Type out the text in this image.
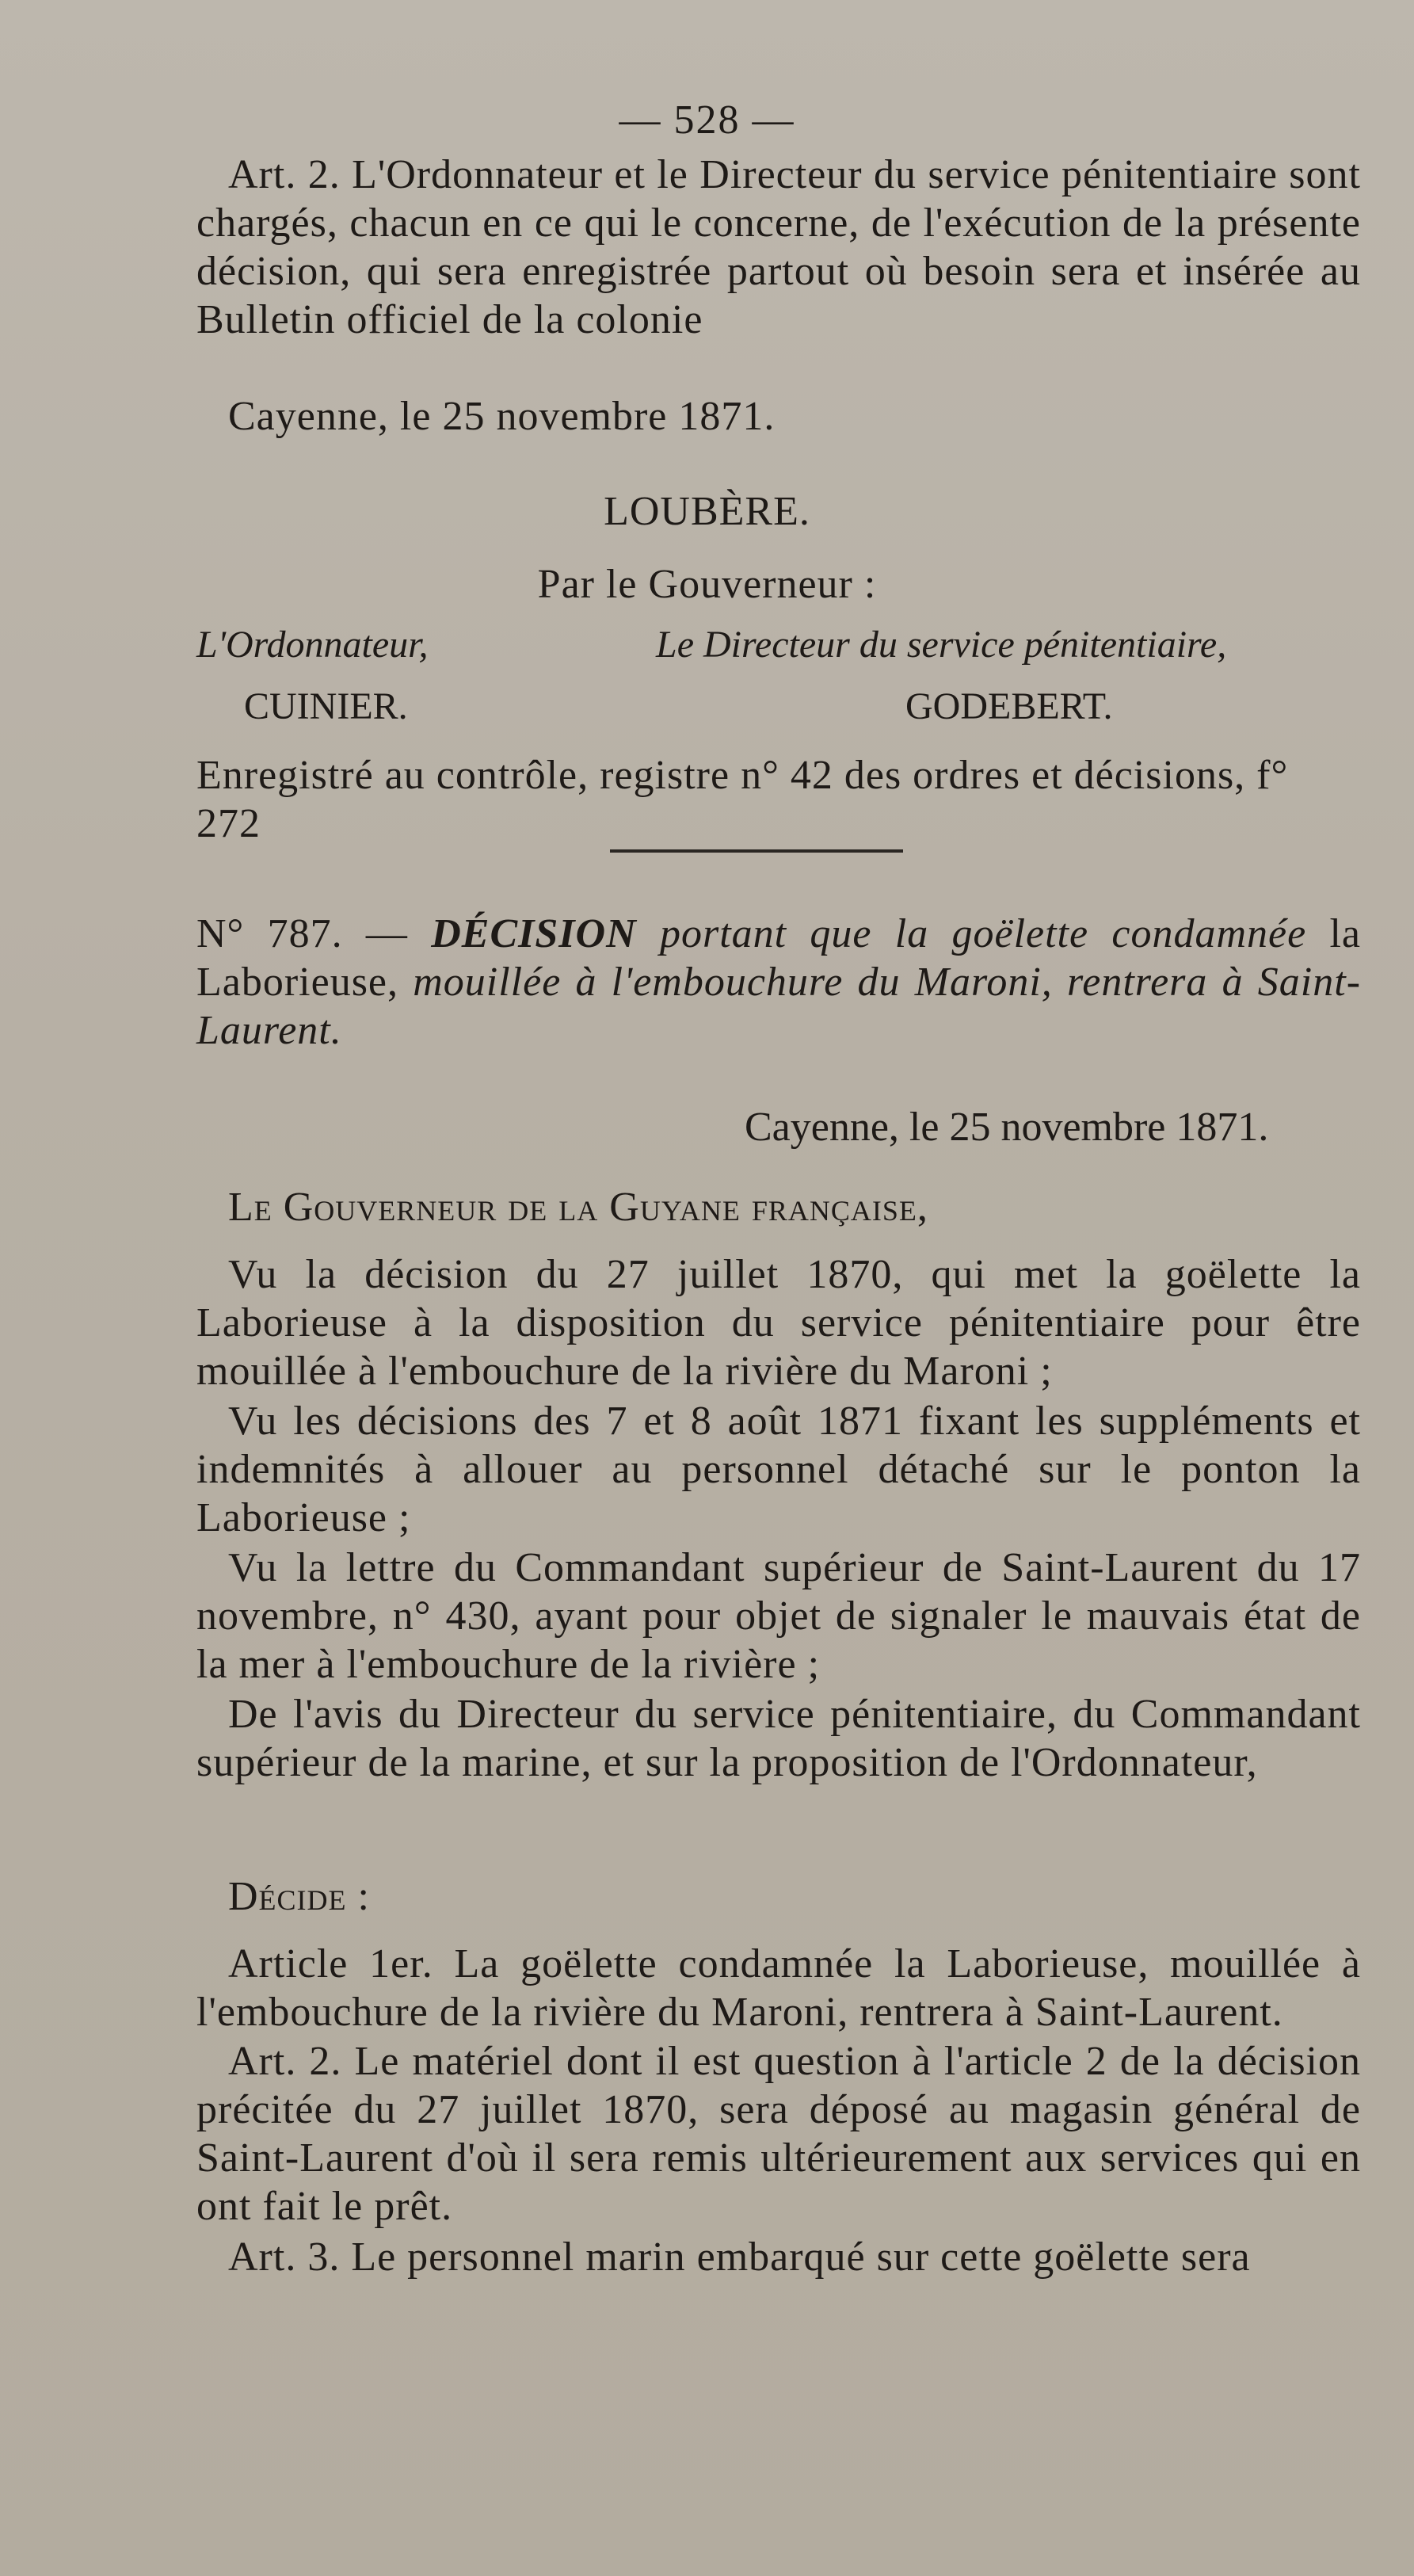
— 528 —
Art. 2. L'Ordonnateur et le Directeur du service pénitentiaire sont chargés, chacun en ce qui le concerne, de l'exécution de la présente décision, qui sera enregistrée partout où besoin sera et insérée au Bulletin officiel de la colonie
Cayenne, le 25 novembre 1871.
LOUBÈRE.
Par le Gouverneur :
L'Ordonnateur,	Le Directeur du service pénitentiaire,
CUINIER.	GODEBERT.
Enregistré au contrôle, registre n° 42 des ordres et décisions, f° 272
N° 787. — DÉCISION portant que la goëlette condamnée la Laborieuse, mouillée à l'embouchure du Maroni, rentrera à Saint-Laurent.
Cayenne, le 25 novembre 1871.
Le Gouverneur de la Guyane française,
Vu la décision du 27 juillet 1870, qui met la goëlette la Laborieuse à la disposition du service pénitentiaire pour être mouillée à l'embouchure de la rivière du Maroni ;
Vu les décisions des 7 et 8 août 1871 fixant les suppléments et indemnités à allouer au personnel détaché sur le ponton la Laborieuse ;
Vu la lettre du Commandant supérieur de Saint-Laurent du 17 novembre, n° 430, ayant pour objet de signaler le mauvais état de la mer à l'embouchure de la rivière ;
De l'avis du Directeur du service pénitentiaire, du Commandant supérieur de la marine, et sur la proposition de l'Ordonnateur,
Décide :
Article 1er. La goëlette condamnée la Laborieuse, mouillée à l'embouchure de la rivière du Maroni, rentrera à Saint-Laurent.
Art. 2. Le matériel dont il est question à l'article 2 de la décision précitée du 27 juillet 1870, sera déposé au magasin général de Saint-Laurent d'où il sera remis ultérieurement aux services qui en ont fait le prêt.
Art. 3. Le personnel marin embarqué sur cette goëlette sera
